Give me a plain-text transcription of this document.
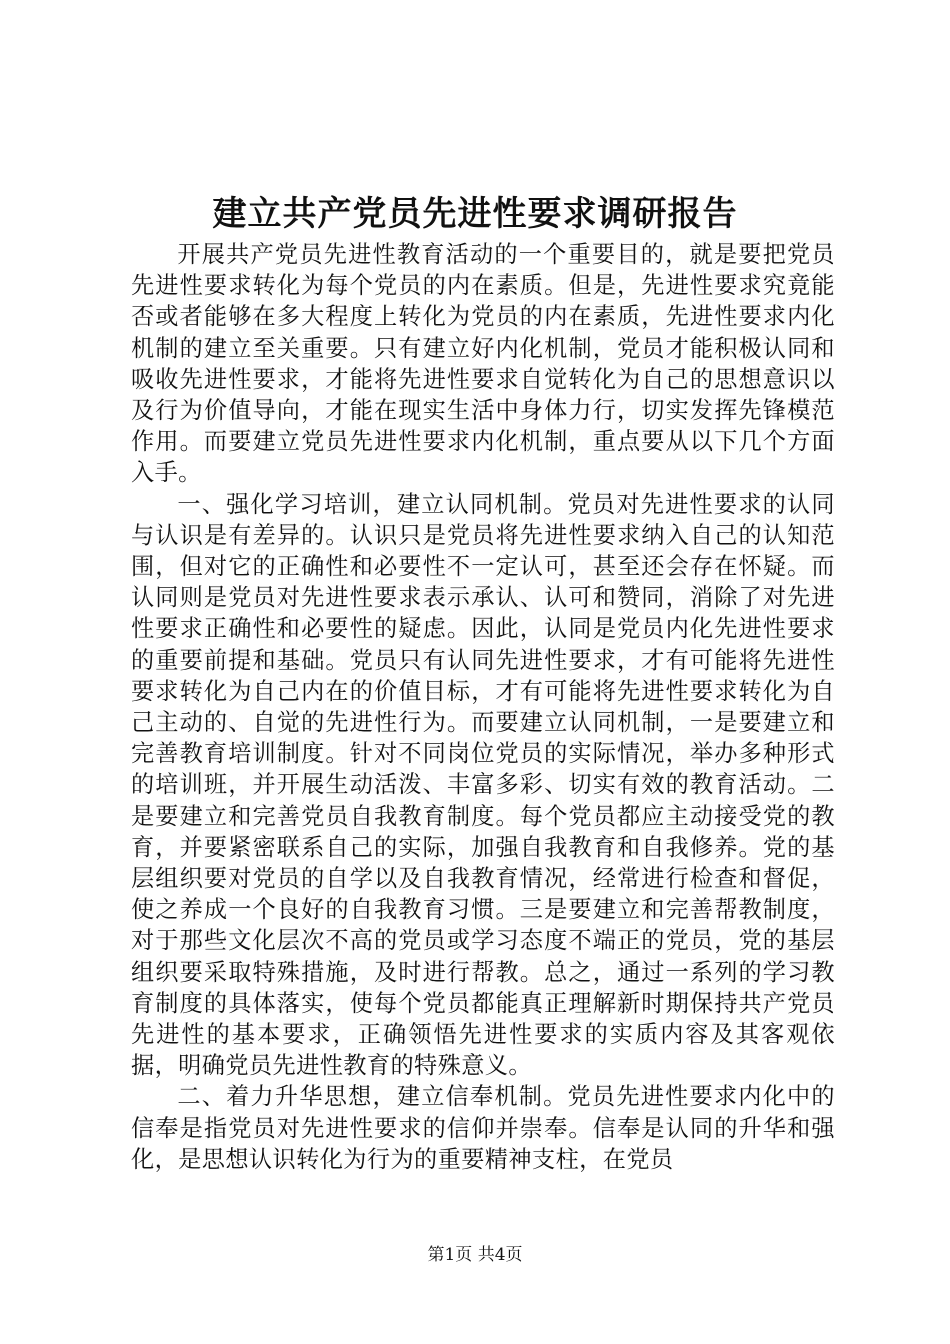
建立共产党员先进性要求调研报告

开展共产党员先进性教育活动的一个重要目的，就是要把党员先进性要求转化为每个党员的内在素质。但是，先进性要求究竟能否或者能够在多大程度上转化为党员的内在素质，先进性要求内化机制的建立至关重要。只有建立好内化机制，党员才能积极认同和吸收先进性要求，才能将先进性要求自觉转化为自己的思想意识以及行为价值导向，才能在现实生活中身体力行，切实发挥先锋模范作用。而要建立党员先进性要求内化机制，重点要从以下几个方面入手。

一、强化学习培训，建立认同机制。党员对先进性要求的认同与认识是有差异的。认识只是党员将先进性要求纳入自己的认知范围，但对它的正确性和必要性不一定认可，甚至还会存在怀疑。而认同则是党员对先进性要求表示承认、认可和赞同，消除了对先进性要求正确性和必要性的疑虑。因此，认同是党员内化先进性要求的重要前提和基础。党员只有认同先进性要求，才有可能将先进性要求转化为自己内在的价值目标，才有可能将先进性要求转化为自己主动的、自觉的先进性行为。而要建立认同机制，一是要建立和完善教育培训制度。针对不同岗位党员的实际情况，举办多种形式的培训班，并开展生动活泼、丰富多彩、切实有效的教育活动。二是要建立和完善党员自我教育制度。每个党员都应主动接受党的教育，并要紧密联系自己的实际，加强自我教育和自我修养。党的基层组织要对党员的自学以及自我教育情况，经常进行检查和督促，使之养成一个良好的自我教育习惯。三是要建立和完善帮教制度，对于那些文化层次不高的党员或学习态度不端正的党员，党的基层组织要采取特殊措施，及时进行帮教。总之，通过一系列的学习教育制度的具体落实，使每个党员都能真正理解新时期保持共产党员先进性的基本要求，正确领悟先进性要求的实质内容及其客观依据，明确党员先进性教育的特殊意义。

二、着力升华思想，建立信奉机制。党员先进性要求内化中的信奉是指党员对先进性要求的信仰并崇奉。信奉是认同的升华和强化，是思想认识转化为行为的重要精神支柱，在党员

第1页 共4页
